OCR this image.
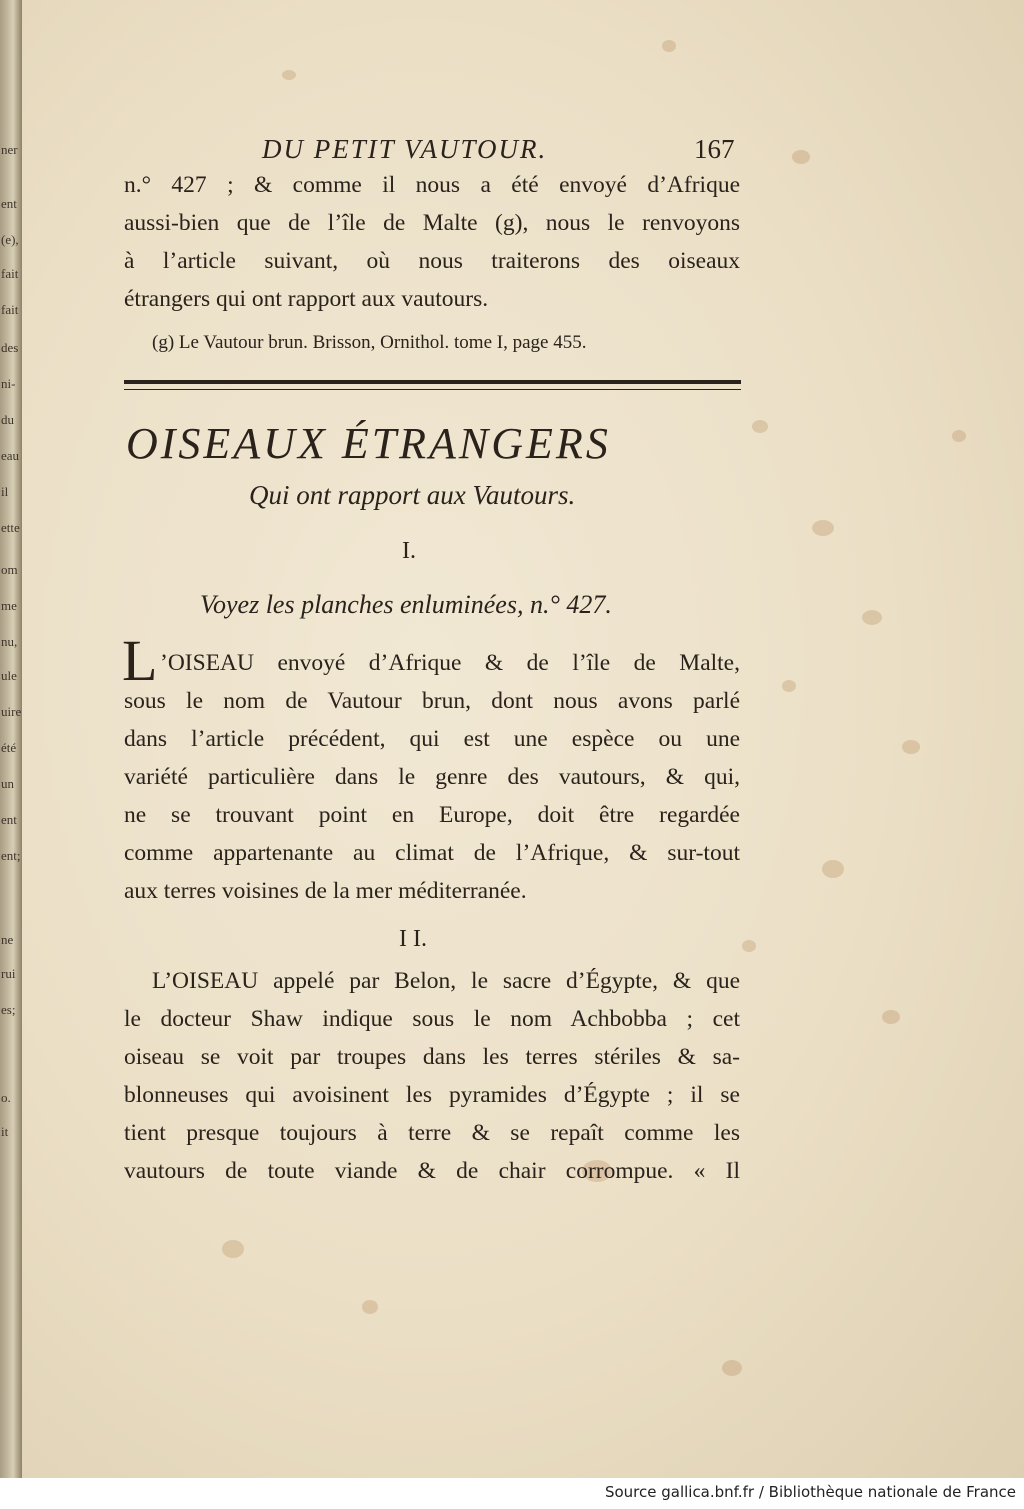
ner
ent
(e),
fait
fait
des
ni-
du
eau
il
ette
om
me
nu,
ule
uire
été
un
ent
ent;
ne
rui
es;
o.
it
DU PETIT VAUTOUR.	167
n.° 427 ; & comme il nous a été envoyé d’Afrique
aussi-bien que de l’île de Malte (g), nous le renvoyons
à l’article suivant, où nous traiterons des oiseaux
étrangers qui ont rapport aux vautours.
(g) Le Vautour brun. Brisson, Ornithol. tome I, page 455.
OISEAUX ÉTRANGERS
Qui ont rapport aux Vautours.
I.
Voyez les planches enluminées, n.° 427.
L ’OISEAU envoyé d’Afrique & de l’île de Malte,
sous le nom de Vautour brun, dont nous avons parlé
dans l’article précédent, qui est une espèce ou une
variété particulière dans le genre des vautours, & qui,
ne se trouvant point en Europe, doit être regardée
comme appartenante au climat de l’Afrique, & sur-tout
aux terres voisines de la mer méditerranée.
I I.
L’OISEAU appelé par Belon, le sacre d’Égypte, & que
le docteur Shaw indique sous le nom Achbobba ; cet
oiseau se voit par troupes dans les terres stériles & sa-
blonneuses qui avoisinent les pyramides d’Égypte ; il se
tient presque toujours à terre & se repaît comme les
vautours de toute viande & de chair corrompue. « Il
Source gallica.bnf.fr / Bibliothèque nationale de France
